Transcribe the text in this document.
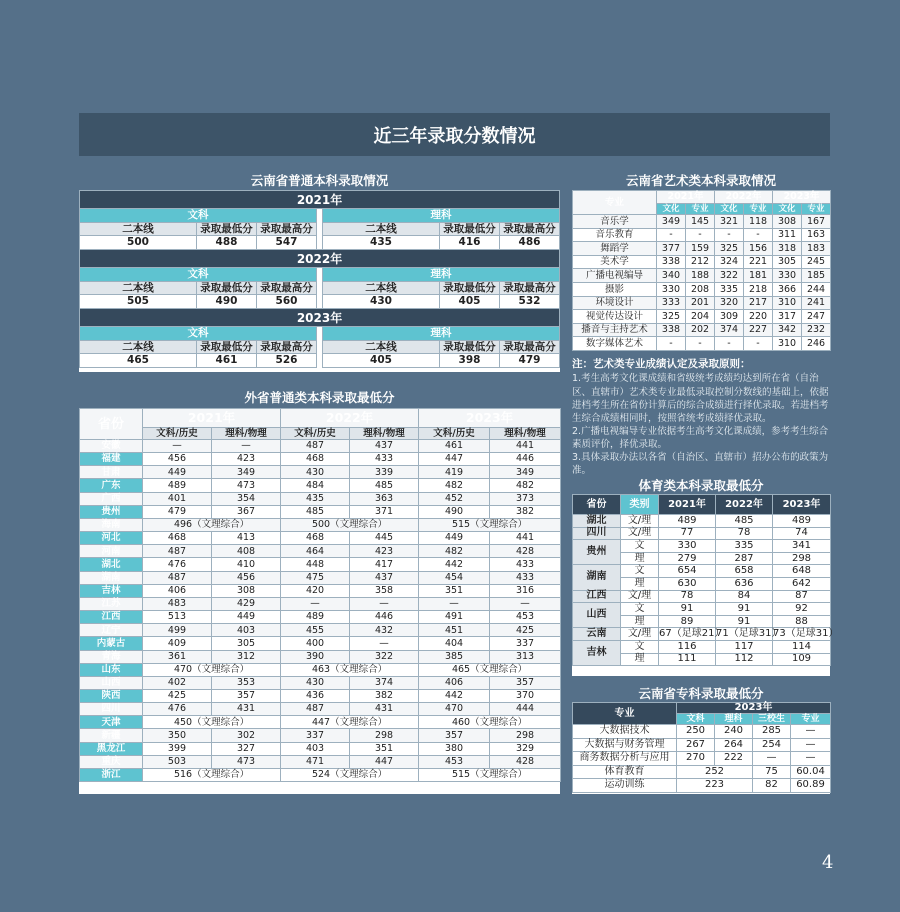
近三年录取分数情况
云南省普通本科录取情况
2021年						
文科				理科		
二本线	录取最低分	录取最高分		二本线	录取最低分	录取最高分
500	488	547		435	416	486
2022年						
文科				理科		
二本线	录取最低分	录取最高分		二本线	录取最低分	录取最高分
505	490	560		430	405	532
2023年						
文科				理科		
二本线	录取最低分	录取最高分		二本线	录取最低分	录取最高分
465	461	526		405	398	479
外省普通类本科录取最低分
省份	2021年		2022年		2023年	
	文科/历史	理科/物理	文科/历史	理科/物理	文科/历史	理科/物理
安徽	—	—	487	437	461	441
福建	456	423	468	433	447	446
甘肃	449	349	430	339	419	349
广东	489	473	484	485	482	482
广西	401	354	435	363	452	373
贵州	479	367	485	371	490	382
海南	496（文理综合）		500（文理综合）		515（文理综合）	
河北	468	413	468	445	449	441
河南	487	408	464	423	482	428
湖北	476	410	448	417	442	433
湖南	487	456	475	437	454	433
吉林	406	308	420	358	351	316
江苏	483	429	—	—	—	—
江西	513	449	489	446	491	453
辽宁	499	403	455	432	451	425
内蒙古	409	305	400	—	404	337
青海	361	312	390	322	385	313
山东	470（文理综合）		463（文理综合）		465（文理综合）	
山西	402	353	430	374	406	357
陕西	425	357	436	382	442	370
四川	476	431	487	431	470	444
天津	450（文理综合）		447（文理综合）		460（文理综合）	
新疆	350	302	337	298	357	298
黑龙江	399	327	403	351	380	329
重庆	503	473	471	447	453	428
浙江	516（文理综合）		524（文理综合）		515（文理综合）	
云南省艺术类本科录取情况
专业	2021年		2022年		2023年	
	文化	专业	文化	专业	文化	专业
音乐学	349	145	321	118	308	167
音乐教育	-	-	-	-	311	163
舞蹈学	377	159	325	156	318	183
美术学	338	212	324	221	305	245
广播电视编导	340	188	322	181	330	185
摄影	330	208	335	218	366	244
环境设计	333	201	320	217	310	241
视觉传达设计	325	204	309	220	317	247
播音与主持艺术	338	202	374	227	342	232
数字媒体艺术	-	-	-	-	310	246
注：艺术类专业成绩认定及录取原则：

1.考生高考文化课成绩和省级统考成绩均达到所在省（自治区、直辖市）艺术类专业最低录取控制分数线的基础上，依据进档考生所在省份计算后的综合成绩进行择优录取。若进档考生综合成绩相同时，按照省统考成绩择优录取。

2.广播电视编导专业依据考生高考文化课成绩，参考考生综合素质评价，择优录取。

3.具体录取办法以各省（自治区、直辖市）招办公布的政策为准。

体育类本科录取最低分
省份	类别	2021年	2022年	2023年
湖北	文/理	489	485	489
四川	文/理	77	78	74
贵州	文	330	335	341
	理	279	287	298
湖南	文	654	658	648
	理	630	636	642
江西	文/理	78	84	87
山西	文	91	91	92
	理	89	91	88
云南	文/理	67（足球21）	71（足球31）	73（足球31）
吉林	文	116	117	114
	理	111	112	109
云南省专科录取最低分
专业	2023年			
	文科	理科	三校生	专业
大数据技术	250	240	285	—
大数据与财务管理	267	264	254	—
商务数据分析与应用	270	222	—	—
体育教育	252		75	60.04
运动训练	223		82	60.89
4
